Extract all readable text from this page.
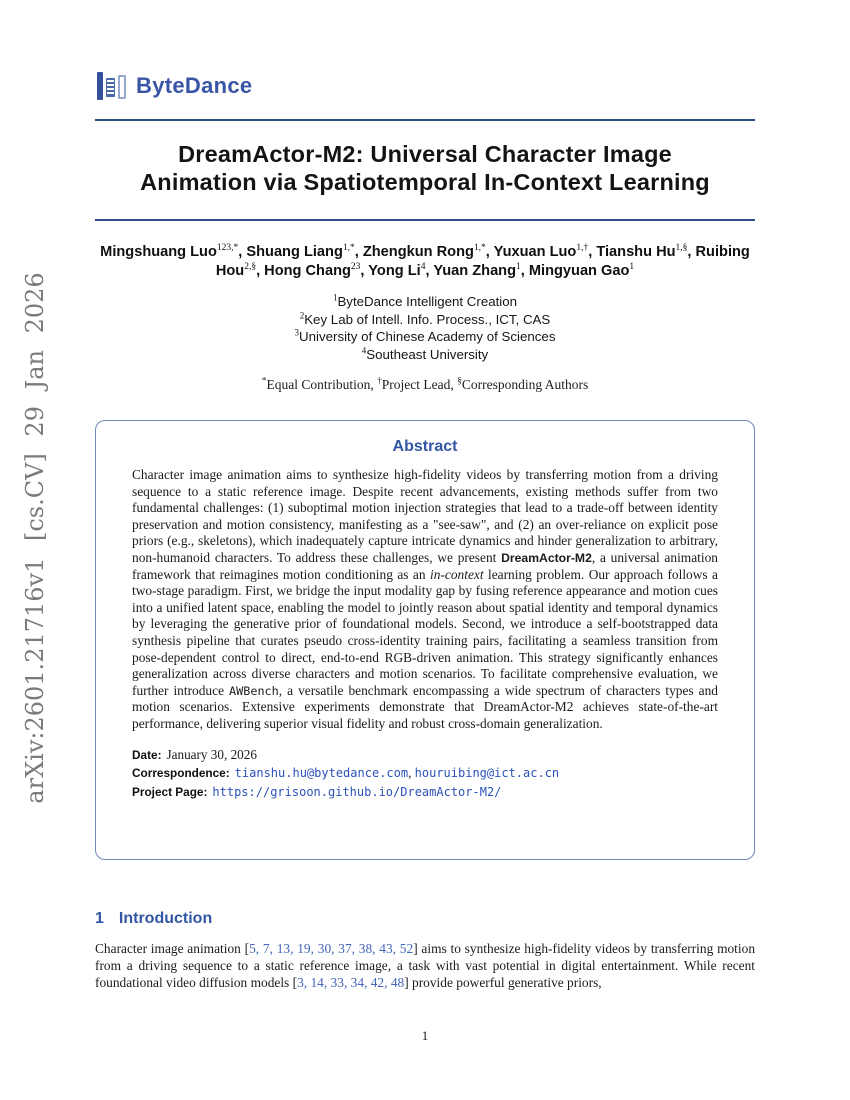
arXiv:2601.21716v1 [cs.CV] 29 Jan 2026
ByteDance
DreamActor-M2: Universal Character Image
Animation via Spatiotemporal In-Context Learning
Mingshuang Luo$^{123,*}$, Shuang Liang$^{1,*}$, Zhengkun Rong$^{1,*}$, Yuxuan Luo$^{1,\dagger}$, Tianshu $Hu^{1,\S}$, Ruibing Hou$^{2,\S}$, Hong Chang$^{23}$, Yong Li$^4$, Yuan Zhang$^1$, Mingyuan Gao$^1$
$^1$ByteDance Intelligent Creation
$^2$Key Lab of Intell. Info. Process., ICT, CAS
$^3$University of Chinese Academy of Sciences
$^4$Southeast University
*Equal Contribution, †Project Lead, §Corresponding Authors
Abstract
Character image animation aims to synthesize high-fidelity videos by transferring motion from a driving sequence to a static reference image. Despite recent advancements, existing methods suffer from two fundamental challenges: (1) suboptimal motion injection strategies that lead to a trade-off between identity preservation and motion consistency, manifesting as a "see-saw", and (2) an over-reliance on explicit pose priors (e.g., skeletons), which inadequately capture intricate dynamics and hinder generalization to arbitrary, non-humanoid characters. To address these challenges, we present DreamActor-M2, a universal animation framework that reimagines motion conditioning as an in-context learning problem. Our approach follows a two-stage paradigm. First, we bridge the input modality gap by fusing reference appearance and motion cues into a unified latent space, enabling the model to jointly reason about spatial identity and temporal dynamics by leveraging the generative prior of foundational models. Second, we introduce a self-bootstrapped data synthesis pipeline that curates pseudo cross-identity training pairs, facilitating a seamless transition from pose-dependent control to direct, end-to-end RGB-driven animation. This strategy significantly enhances generalization across diverse characters and motion scenarios. To facilitate comprehensive evaluation, we further introduce AWBench, a versatile benchmark encompassing a wide spectrum of characters types and motion scenarios. Extensive experiments demonstrate that DreamActor-M2 achieves state-of-the-art performance, delivering superior visual fidelity and robust cross-domain generalization.
Date: January 30, 2026
Correspondence: tianshu.hu@bytedance.com, houruibing@ict.ac.cn
Project Page: https://grisoon.github.io/DreamActor-M2/
1 Introduction
Character image animation [5, 7, 13, 19, 30, 37, 38, 43, 52] aims to synthesize high-fidelity videos by transferring motion from a driving sequence to a static reference image, a task with vast potential in digital entertainment. While recent foundational video diffusion models [3, 14, 33, 34, 42, 48] provide powerful generative priors,
1
